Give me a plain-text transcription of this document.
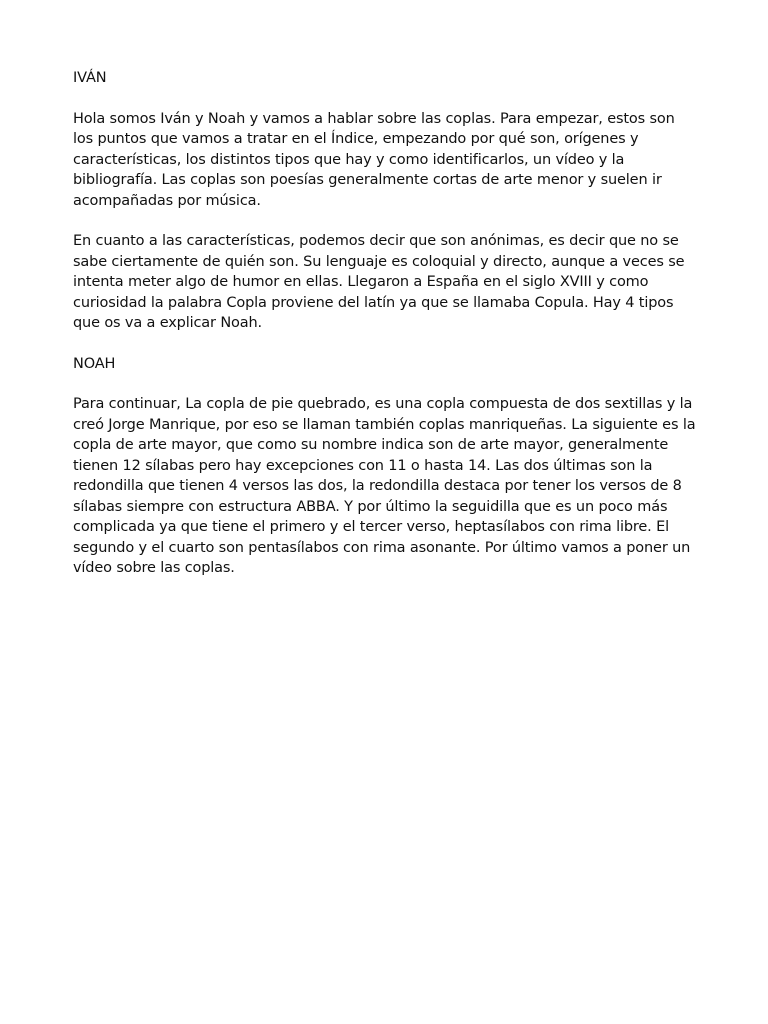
IVÁN

Hola somos Iván y Noah y vamos a hablar sobre las coplas. Para empezar, estos son los puntos que vamos a tratar en el Índice, empezando por qué son, orígenes y características, los distintos tipos que hay y como identificarlos, un vídeo y la bibliografía. Las coplas son poesías generalmente cortas de arte menor y suelen ir acompañadas por música.

En cuanto a las características, podemos decir que son anónimas, es decir que no se sabe ciertamente de quién son. Su lenguaje es coloquial y directo, aunque a veces se intenta meter algo de humor en ellas. Llegaron a España en el siglo XVIII y como curiosidad la palabra Copla proviene del latín ya que se llamaba Copula. Hay 4 tipos que os va a explicar Noah.

NOAH

Para continuar, La copla de pie quebrado, es una copla compuesta de dos sextillas y la creó Jorge Manrique, por eso se llaman también coplas manriqueñas. La siguiente es la copla de arte mayor, que como su nombre indica son de arte mayor, generalmente tienen 12 sílabas pero hay excepciones con 11 o hasta 14. Las dos últimas son la redondilla que tienen 4 versos las dos, la redondilla destaca por tener los versos de 8 sílabas siempre con estructura ABBA. Y por último la seguidilla que es un poco más complicada ya que tiene el primero y el tercer verso, heptasílabos con rima libre. El segundo y el cuarto son pentasílabos con rima asonante. Por último vamos a poner un vídeo sobre las coplas.
